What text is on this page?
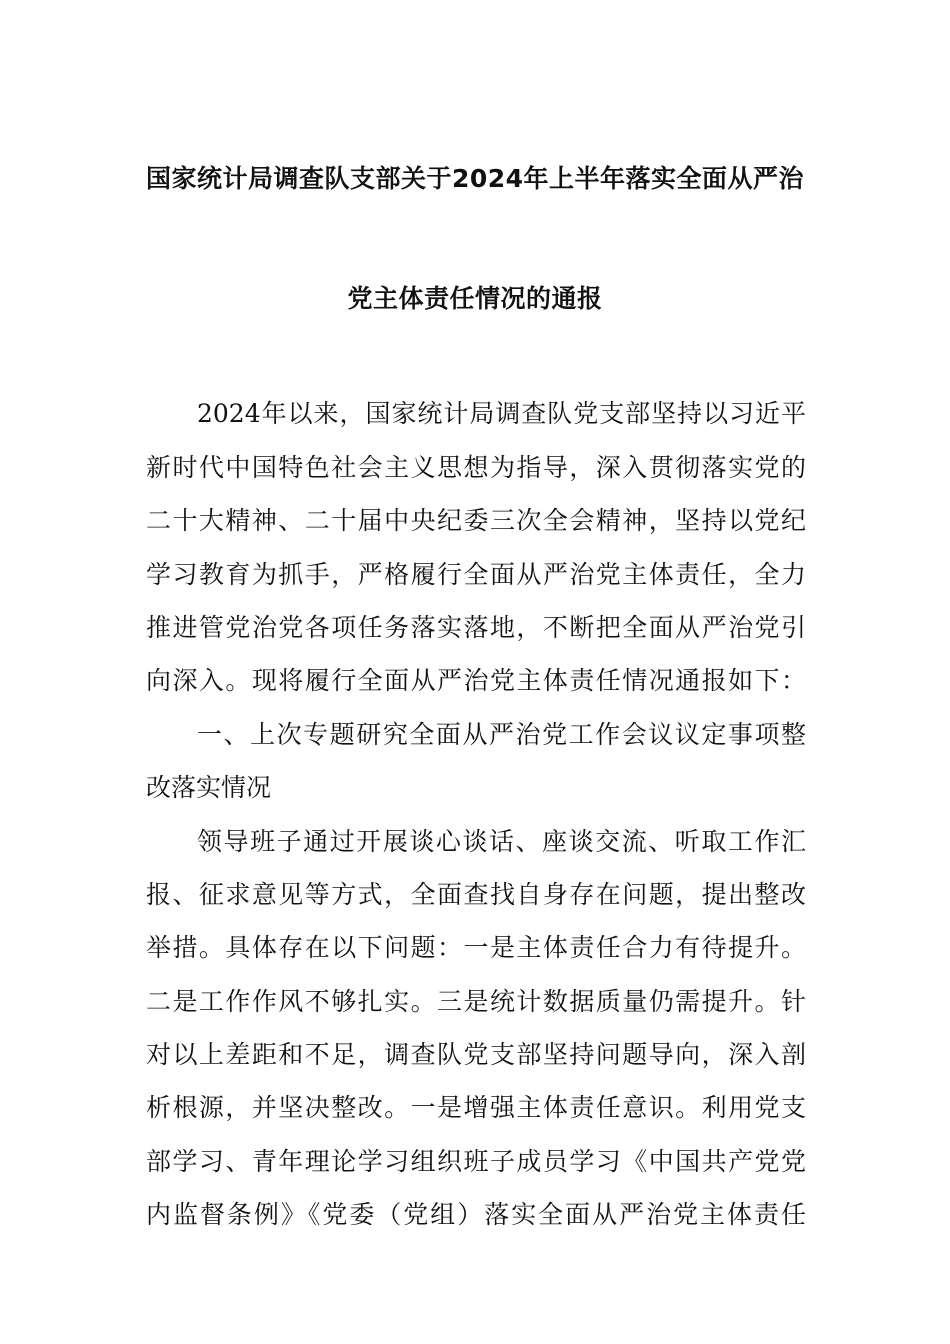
国家统计局调查队支部关于2024年上半年落实全面从严治
党主体责任情况的通报
2024年以来，国家统计局调查队党支部坚持以习近平
新时代中国特色社会主义思想为指导，深入贯彻落实党的
二十大精神、二十届中央纪委三次全会精神，坚持以党纪
学习教育为抓手，严格履行全面从严治党主体责任，全力
推进管党治党各项任务落实落地，不断把全面从严治党引
向深入。现将履行全面从严治党主体责任情况通报如下：
一、上次专题研究全面从严治党工作会议议定事项整
改落实情况
领导班子通过开展谈心谈话、座谈交流、听取工作汇
报、征求意见等方式，全面查找自身存在问题，提出整改
举措。具体存在以下问题：一是主体责任合力有待提升。
二是工作作风不够扎实。三是统计数据质量仍需提升。针
对以上差距和不足，调查队党支部坚持问题导向，深入剖
析根源，并坚决整改。一是增强主体责任意识。利用党支
部学习、青年理论学习组织班子成员学习《中国共产党党
内监督条例》《党委（党组）落实全面从严治党主体责任
